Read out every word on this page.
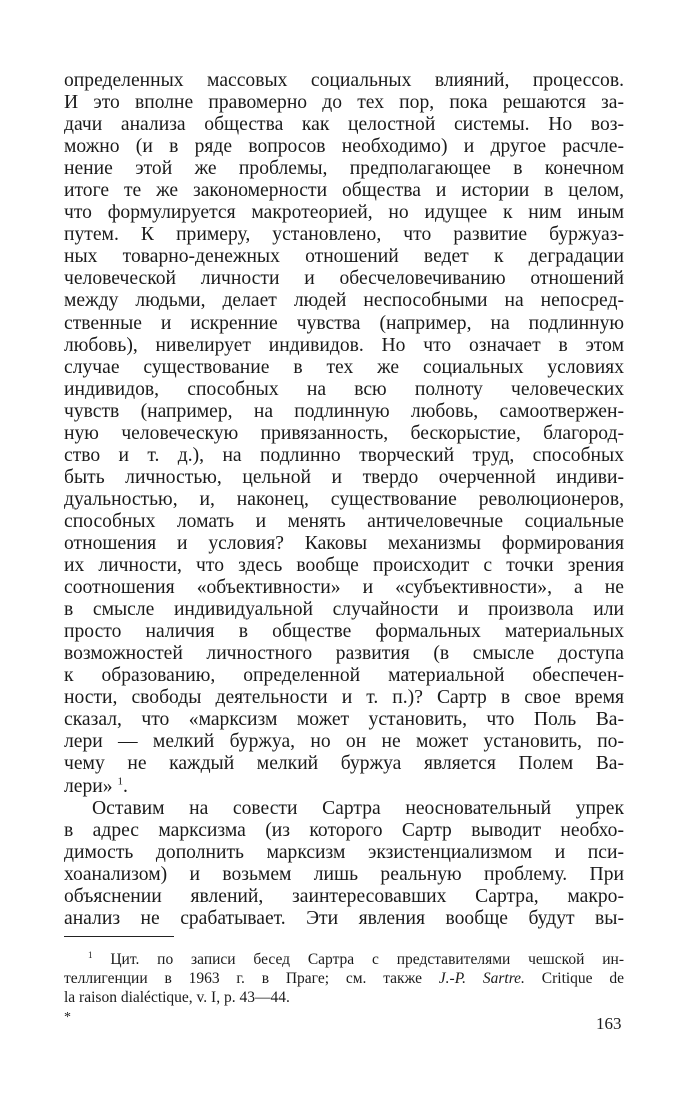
определенных массовых социальных влияний, процессов.
И это вполне правомерно до тех пор, пока решаются за-
дачи анализа общества как целостной системы. Но воз-
можно (и в ряде вопросов необходимо) и другое расчле-
нение этой же проблемы, предполагающее в конечном
итоге те же закономерности общества и истории в целом,
что формулируется макротеорией, но идущее к ним иным
путем. К примеру, установлено, что развитие буржуаз-
ных товарно-денежных отношений ведет к деградации
человеческой личности и обесчеловечиванию отношений
между людьми, делает людей неспособными на непосред-
ственные и искренние чувства (например, на подлинную
любовь), нивелирует индивидов. Но что означает в этом
случае существование в тех же социальных условиях
индивидов, способных на всю полноту человеческих
чувств (например, на подлинную любовь, самоотвержен-
ную человеческую привязанность, бескорыстие, благород-
ство и т. д.), на подлинно творческий труд, способных
быть личностью, цельной и твердо очерченной индиви-
дуальностью, и, наконец, существование революционеров,
способных ломать и менять античеловечные социальные
отношения и условия? Каковы механизмы формирования
их личности, что здесь вообще происходит с точки зрения
соотношения «объективности» и «субъективности», а не
в смысле индивидуальной случайности и произвола или
просто наличия в обществе формальных материальных
возможностей личностного развития (в смысле доступа
к образованию, определенной материальной обеспечен-
ности, свободы деятельности и т. п.)? Сартр в свое время
сказал, что «марксизм может установить, что Поль Ва-
лери — мелкий буржуа, но он не может установить, по-
чему не каждый мелкий буржуа является Полем Ва-
лери» $^1$.
Оставим на совести Сартра неосновательный упрек
в адрес марксизма (из которого Сартр выводит необхо-
димость дополнить марксизм экзистенциализмом и пси-
хоанализом) и возьмем лишь реальную проблему. При
объяснении явлений, заинтересовавших Сартра, макро-
анализ не срабатывает. Эти явления вообще будут вы-
$^1$ Цит. по записи бесед Сартра с представителями чешской ин-
теллигенции в 1963 г. в Праге; см. также J.-P. Sartre. Critique de
la raison dialéctique, v. I, p. 43—44.
*	163
